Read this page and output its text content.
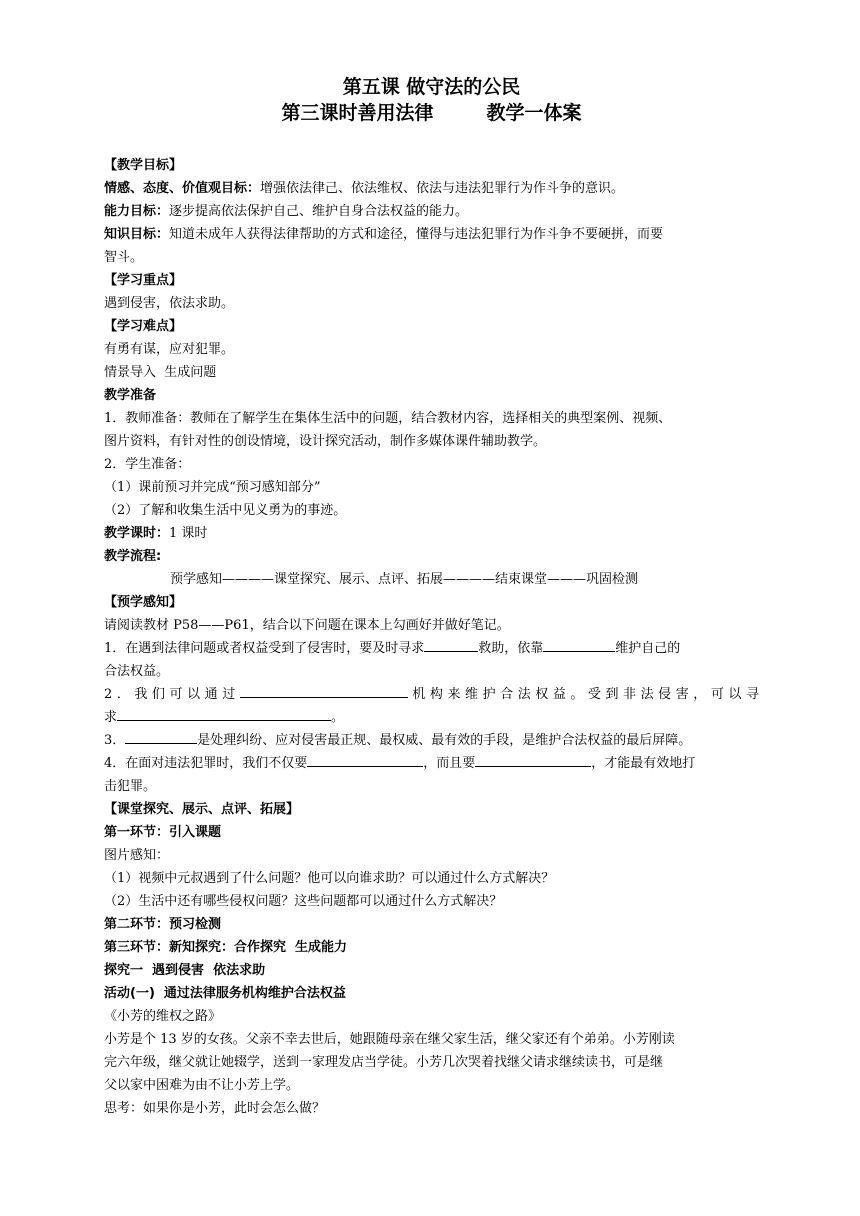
第五课 做守法的公民
第三课时善用法律        教学一体案
【教学目标】
情感、态度、价值观目标：增强依法律己、依法维权、依法与违法犯罪行为作斗争的意识。
能力目标：逐步提高依法保护自己、维护自身合法权益的能力。
知识目标：知道未成年人获得法律帮助的方式和途径，懂得与违法犯罪行为作斗争不要硬拼，而要
智斗。
【学习重点】
遇到侵害，依法求助。
【学习难点】
有勇有谋，应对犯罪。
情景导入  生成问题
教学准备
1．教师准备：教师在了解学生在集体生活中的问题，结合教材内容，选择相关的典型案例、视频、
图片资料，有针对性的创设情境，设计探究活动，制作多媒体课件辅助教学。
2．学生准备：
（1）课前预习并完成“预习感知部分”
（2）了解和收集生活中见义勇为的事迹。
教学课时：1 课时
教学流程:
预学感知————课堂探究、展示、点评、拓展————结束课堂———巩固检测
【预学感知】
请阅读教材 P58——P61，结合以下问题在课本上勾画好并做好笔记。
1．在遇到法律问题或者权益受到了侵害时，要及时寻求	救助，依靠	维护自己的
合法权益。
2．我们可以通过	机构来维护合法权益。受到非法侵害，可以寻
求	。
3．	是处理纠纷、应对侵害最正规、最权威、最有效的手段，是维护合法权益的最后屏障。
4．在面对违法犯罪时，我们不仅要	，而且要	，才能最有效地打
击犯罪。
【课堂探究、展示、点评、拓展】
第一环节：引入课题
图片感知：
（1）视频中元叔遇到了什么问题？他可以向谁求助？可以通过什么方式解决？
（2）生活中还有哪些侵权问题？这些问题都可以通过什么方式解决？
第二环节：预习检测
第三环节：新知探究：合作探究  生成能力
探究一  遇到侵害  依法求助
活动(一)  通过法律服务机构维护合法权益
《小芳的维权之路》
小芳是个 13 岁的女孩。父亲不幸去世后，她跟随母亲在继父家生活，继父家还有个弟弟。小芳刚读
完六年级，继父就让她辍学，送到一家理发店当学徒。小芳几次哭着找继父请求继续读书，可是继
父以家中困难为由不让小芳上学。
思考：如果你是小芳，此时会怎么做？
